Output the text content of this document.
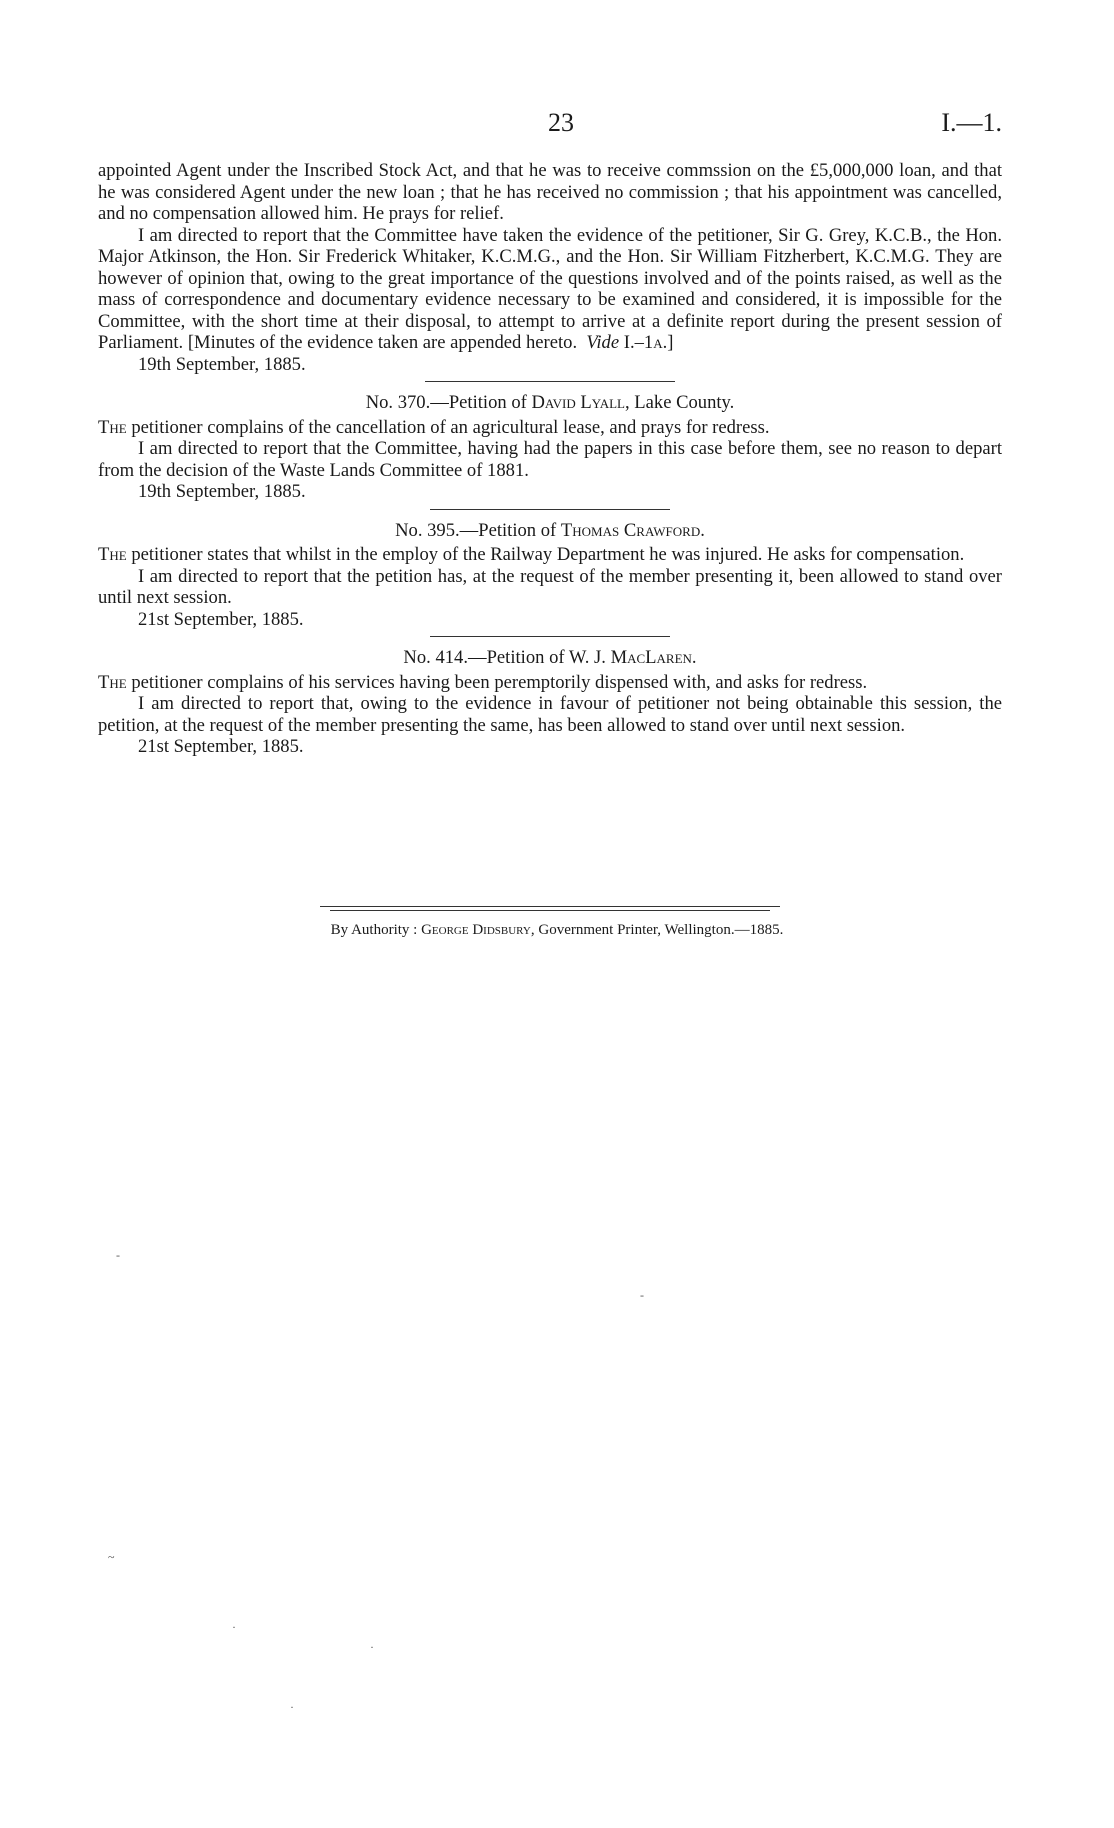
23	I.—1.

appointed Agent under the Inscribed Stock Act, and that he was to receive commssion on the £5,000,000 loan, and that he was considered Agent under the new loan ; that he has received no commission ; that his appointment was cancelled, and no compensation allowed him. He prays for relief.

I am directed to report that the Committee have taken the evidence of the petitioner, Sir G. Grey, K.C.B., the Hon. Major Atkinson, the Hon. Sir Frederick Whitaker, K.C.M.G., and the Hon. Sir William Fitzherbert, K.C.M.G. They are however of opinion that, owing to the great importance of the questions involved and of the points raised, as well as the mass of correspondence and documentary evidence necessary to be examined and considered, it is impossible for the Committee, with the short time at their disposal, to attempt to arrive at a definite report during the present session of Parliament. [Minutes of the evidence taken are appended hereto. Vide I.–1a.]

19th September, 1885.

No. 370.—Petition of David Lyall, Lake County.

The petitioner complains of the cancellation of an agricultural lease, and prays for redress.

I am directed to report that the Committee, having had the papers in this case before them, see no reason to depart from the decision of the Waste Lands Committee of 1881.

19th September, 1885.

No. 395.—Petition of Thomas Crawford.

The petitioner states that whilst in the employ of the Railway Department he was injured. He asks for compensation.

I am directed to report that the petition has, at the request of the member presenting it, been allowed to stand over until next session.

21st September, 1885.

No. 414.—Petition of W. J. MacLaren.

The petitioner complains of his services having been peremptorily dispensed with, and asks for redress.

I am directed to report that, owing to the evidence in favour of petitioner not being obtainable this session, the petition, at the request of the member presenting the same, has been allowed to stand over until next session.

21st September, 1885.

By Authority : George Didsbury, Government Printer, Wellington.—1885.
-
~
·
·
·
-
